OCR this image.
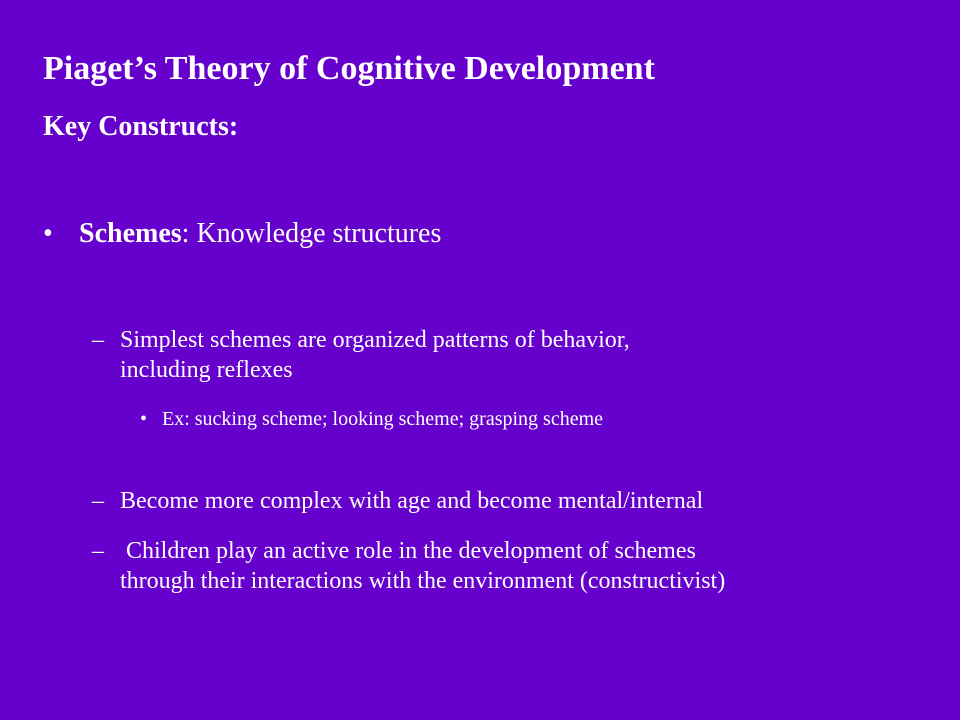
Piaget’s Theory of Cognitive Development
Key Constructs:
• Schemes: Knowledge structures
– Simplest schemes are organized patterns of behavior,
including reflexes
• Ex: sucking scheme; looking scheme; grasping scheme
– Become more complex with age and become mental/internal
– Children play an active role in the development of schemes
through their interactions with the environment (constructivist)
